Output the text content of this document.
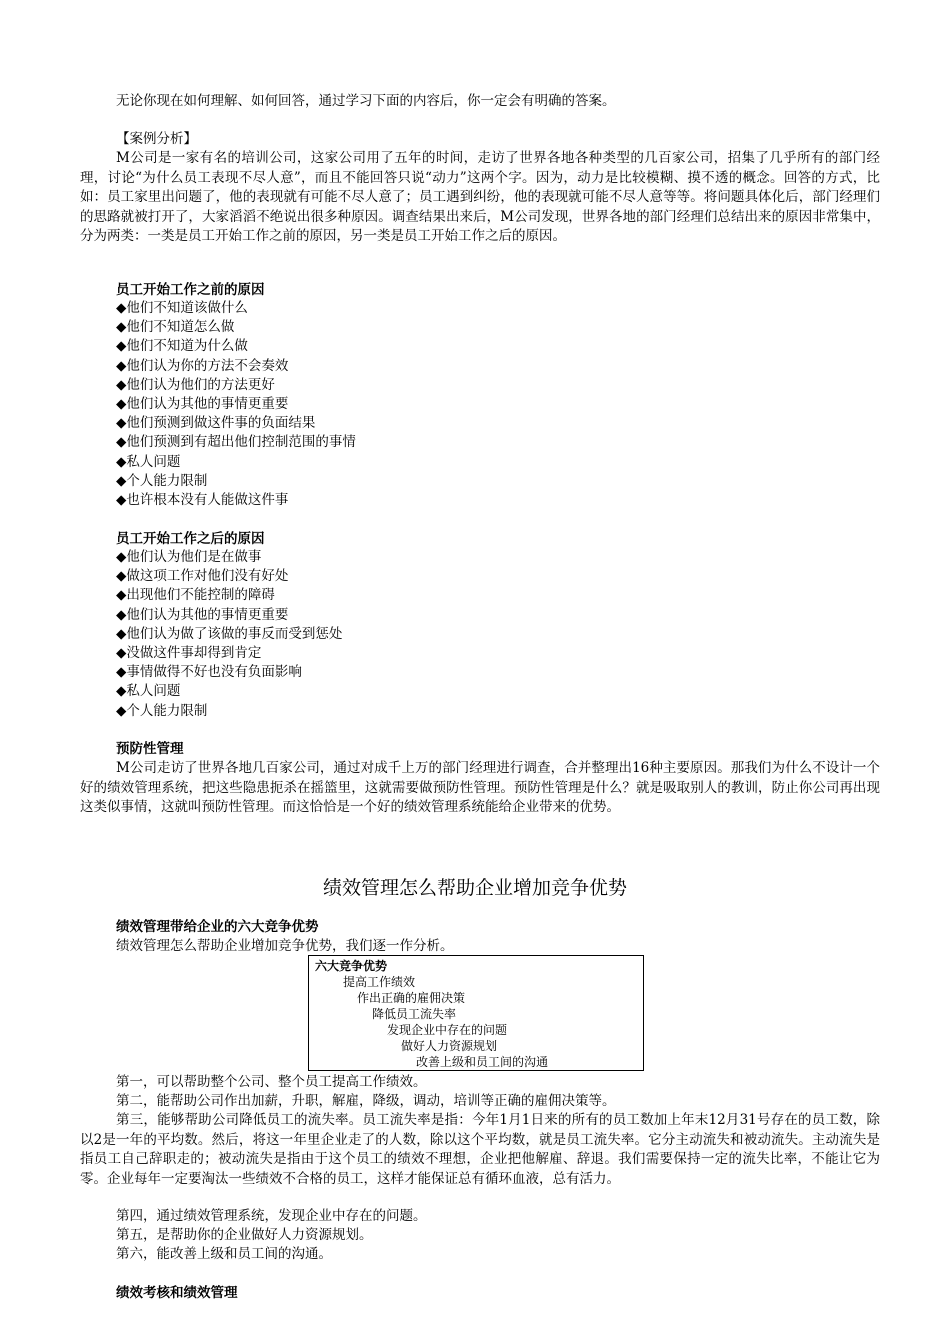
无论你现在如何理解、如何回答，通过学习下面的内容后，你一定会有明确的答案。

【案例分析】

M公司是一家有名的培训公司，这家公司用了五年的时间，走访了世界各地各种类型的几百家公司，招集了几乎所有的部门经理，讨论“为什么员工表现不尽人意”，而且不能回答只说“动力”这两个字。因为，动力是比较模糊、摸不透的概念。回答的方式，比如：员工家里出问题了，他的表现就有可能不尽人意了；员工遇到纠纷，他的表现就可能不尽人意等等。将问题具体化后，部门经理们的思路就被打开了，大家滔滔不绝说出很多种原因。调查结果出来后，M公司发现，世界各地的部门经理们总结出来的原因非常集中，分为两类：一类是员工开始工作之前的原因，另一类是员工开始工作之后的原因。

员工开始工作之前的原因

◆他们不知道该做什么
◆他们不知道怎么做
◆他们不知道为什么做
◆他们认为你的方法不会奏效
◆他们认为他们的方法更好
◆他们认为其他的事情更重要
◆他们预测到做这件事的负面结果
◆他们预测到有超出他们控制范围的事情
◆私人问题
◆个人能力限制
◆也许根本没有人能做这件事

员工开始工作之后的原因

◆他们认为他们是在做事
◆做这项工作对他们没有好处
◆出现他们不能控制的障碍
◆他们认为其他的事情更重要
◆他们认为做了该做的事反而受到惩处
◆没做这件事却得到肯定
◆事情做得不好也没有负面影响
◆私人问题
◆个人能力限制

预防性管理

M公司走访了世界各地几百家公司，通过对成千上万的部门经理进行调查，合并整理出16种主要原因。那我们为什么不设计一个好的绩效管理系统，把这些隐患扼杀在摇篮里，这就需要做预防性管理。预防性管理是什么？就是吸取别人的教训，防止你公司再出现这类似事情，这就叫预防性管理。而这恰恰是一个好的绩效管理系统能给企业带来的优势。

绩效管理怎么帮助企业增加竞争优势

绩效管理带给企业的六大竞争优势

绩效管理怎么帮助企业增加竞争优势，我们逐一作分析。

六大竞争优势
提高工作绩效
作出正确的雇佣决策
降低员工流失率
发现企业中存在的问题
做好人力资源规划
改善上级和员工间的沟通

第一，可以帮助整个公司、整个员工提高工作绩效。

第二，能帮助公司作出加薪，升职，解雇，降级，调动，培训等正确的雇佣决策等。

第三，能够帮助公司降低员工的流失率。员工流失率是指：今年1月1日来的所有的员工数加上年末12月31号存在的员工数，除以2是一年的平均数。然后，将这一年里企业走了的人数，除以这个平均数，就是员工流失率。它分主动流失和被动流失。主动流失是指员工自己辞职走的；被动流失是指由于这个员工的绩效不理想，企业把他解雇、辞退。我们需要保持一定的流失比率，不能让它为零。企业每年一定要淘汰一些绩效不合格的员工，这样才能保证总有循环血液，总有活力。

第四，通过绩效管理系统，发现企业中存在的问题。

第五，是帮助你的企业做好人力资源规划。

第六，能改善上级和员工间的沟通。

绩效考核和绩效管理
